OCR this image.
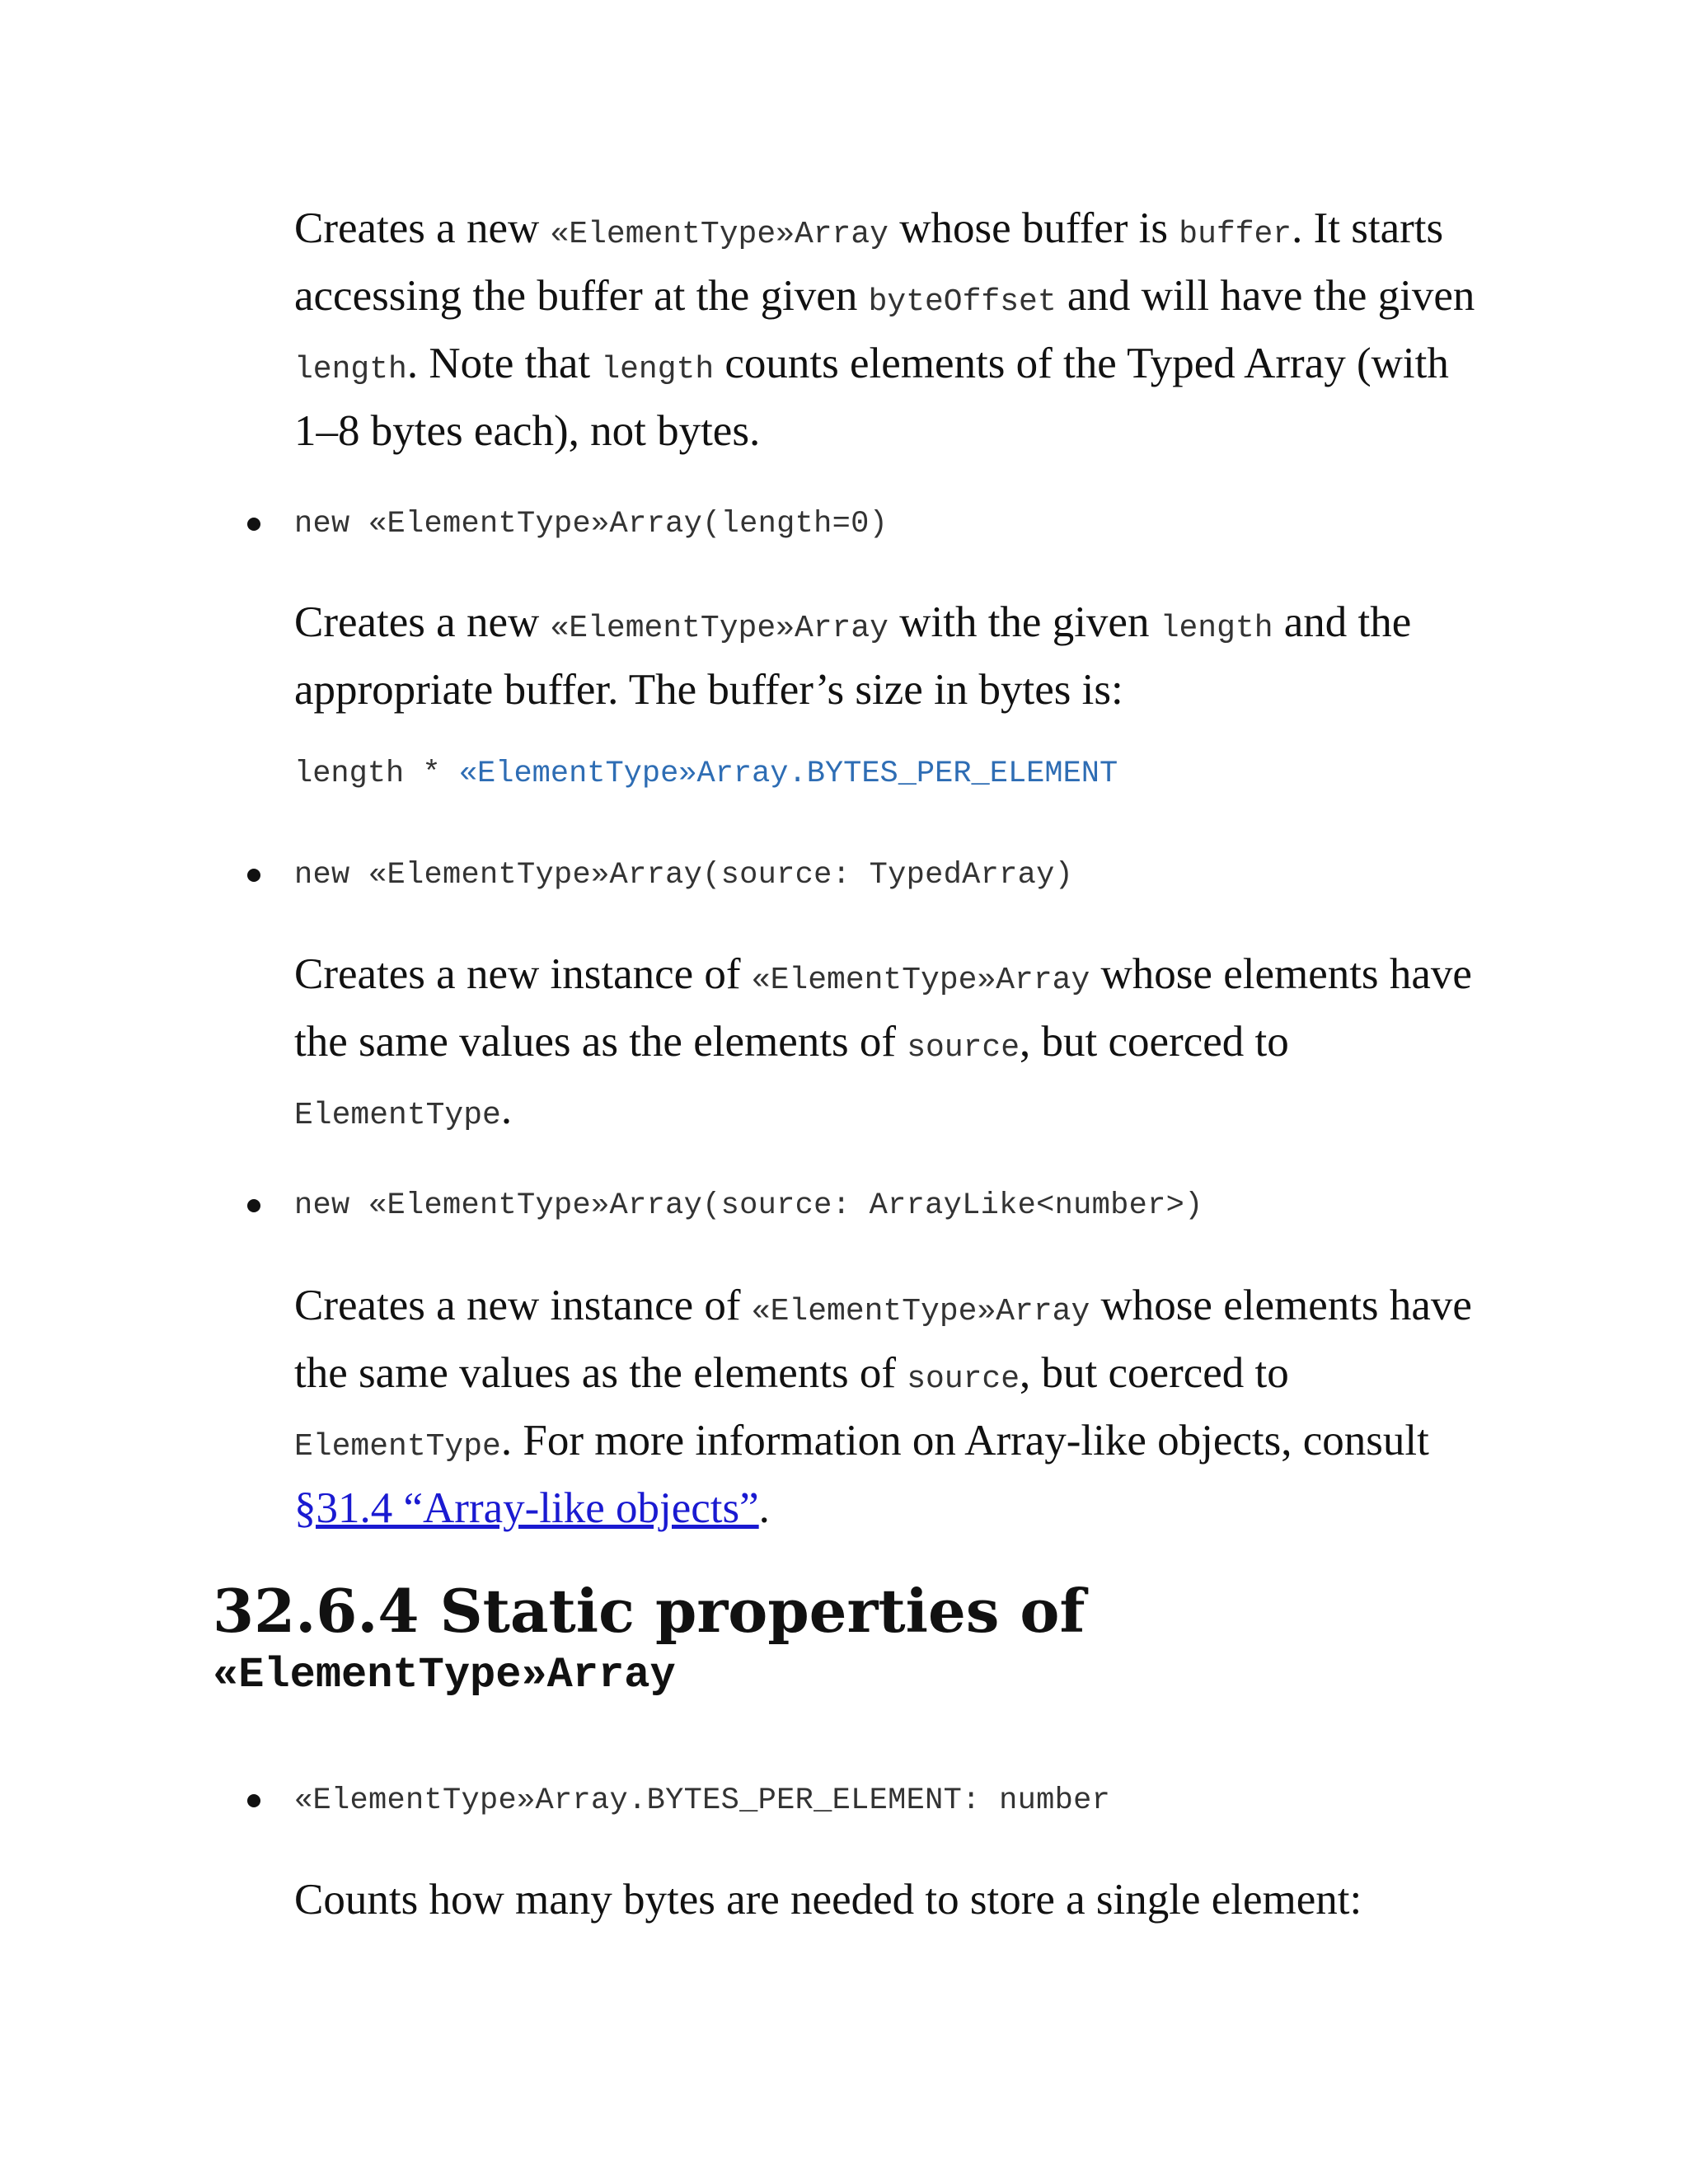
Creates a new «ElementType»Array whose buffer is buffer. It starts accessing the buffer at the given byteOffset and will have the given length. Note that length counts elements of the Typed Array (with 1–8 bytes each), not bytes.

new «ElementType»Array(length=0)

Creates a new «ElementType»Array with the given length and the appropriate buffer. The buffer’s size in bytes is:

length * «ElementType»Array.BYTES_PER_ELEMENT
new «ElementType»Array(source: TypedArray)

Creates a new instance of «ElementType»Array whose elements have the same values as the elements of source, but coerced to ElementType.

new «ElementType»Array(source: ArrayLike<number>)

Creates a new instance of «ElementType»Array whose elements have the same values as the elements of source, but coerced to ElementType. For more information on Array-like objects, consult §31.4 “Array-like objects”.

32.6.4 Static properties of
«ElementType»Array
«ElementType»Array.BYTES_PER_ELEMENT: number

Counts how many bytes are needed to store a single element:
